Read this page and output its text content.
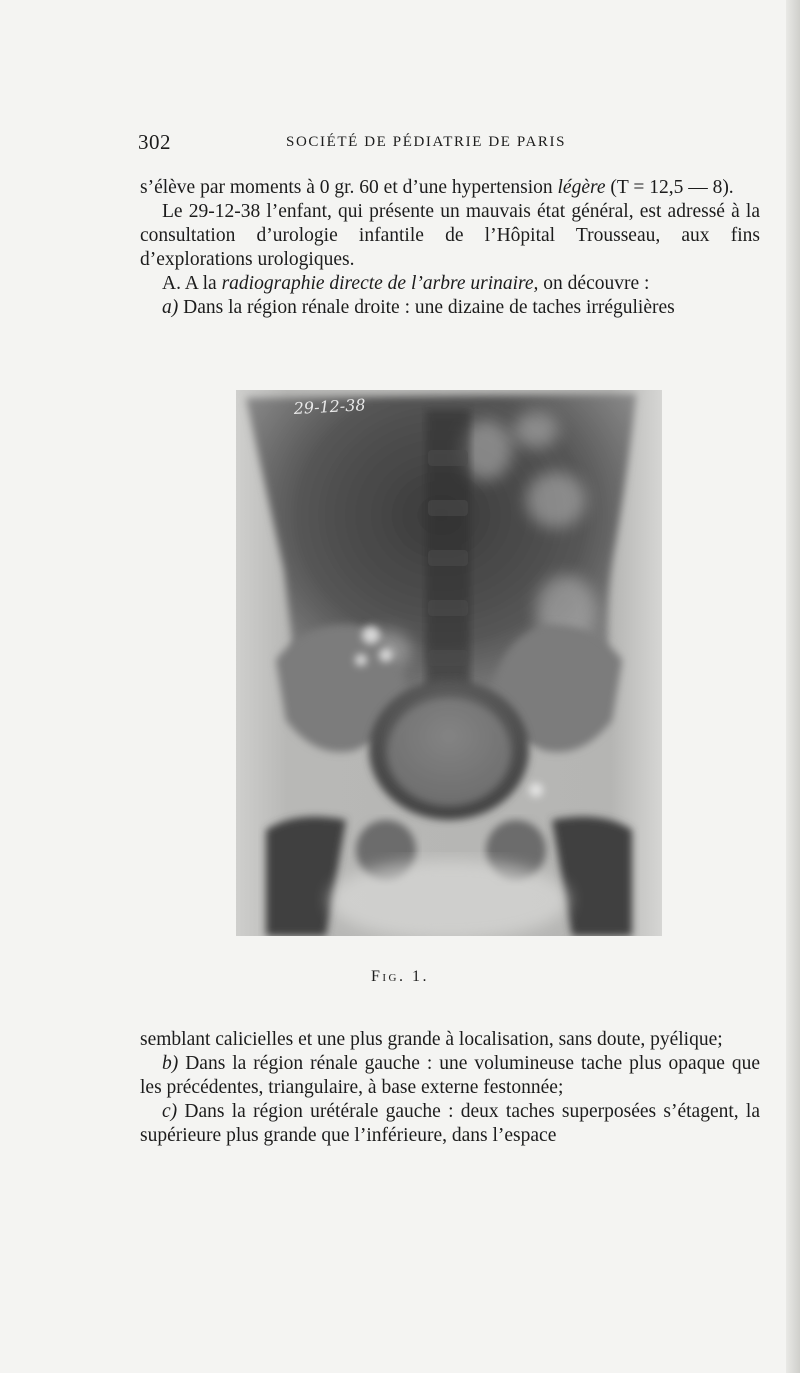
302	SOCIÉTÉ DE PÉDIATRIE DE PARIS

s’élève par moments à 0 gr. 60 et d’une hypertension légère (T = 12,5 — 8).

Le 29-12-38 l’enfant, qui présente un mauvais état général, est adressé à la consultation d’urologie infantile de l’Hôpital Trousseau, aux fins d’explorations urologiques.

A. A la radiographie directe de l’arbre urinaire, on découvre :

a) Dans la région rénale droite : une dizaine de taches irrégulières

29-12-38
Fig. 1.

semblant calicielles et une plus grande à localisation, sans doute, pyélique;

b) Dans la région rénale gauche : une volumineuse tache plus opaque que les précédentes, triangulaire, à base externe festonnée;

c) Dans la région urétérale gauche : deux taches superposées s’étagent, la supérieure plus grande que l’inférieure, dans l’espace
